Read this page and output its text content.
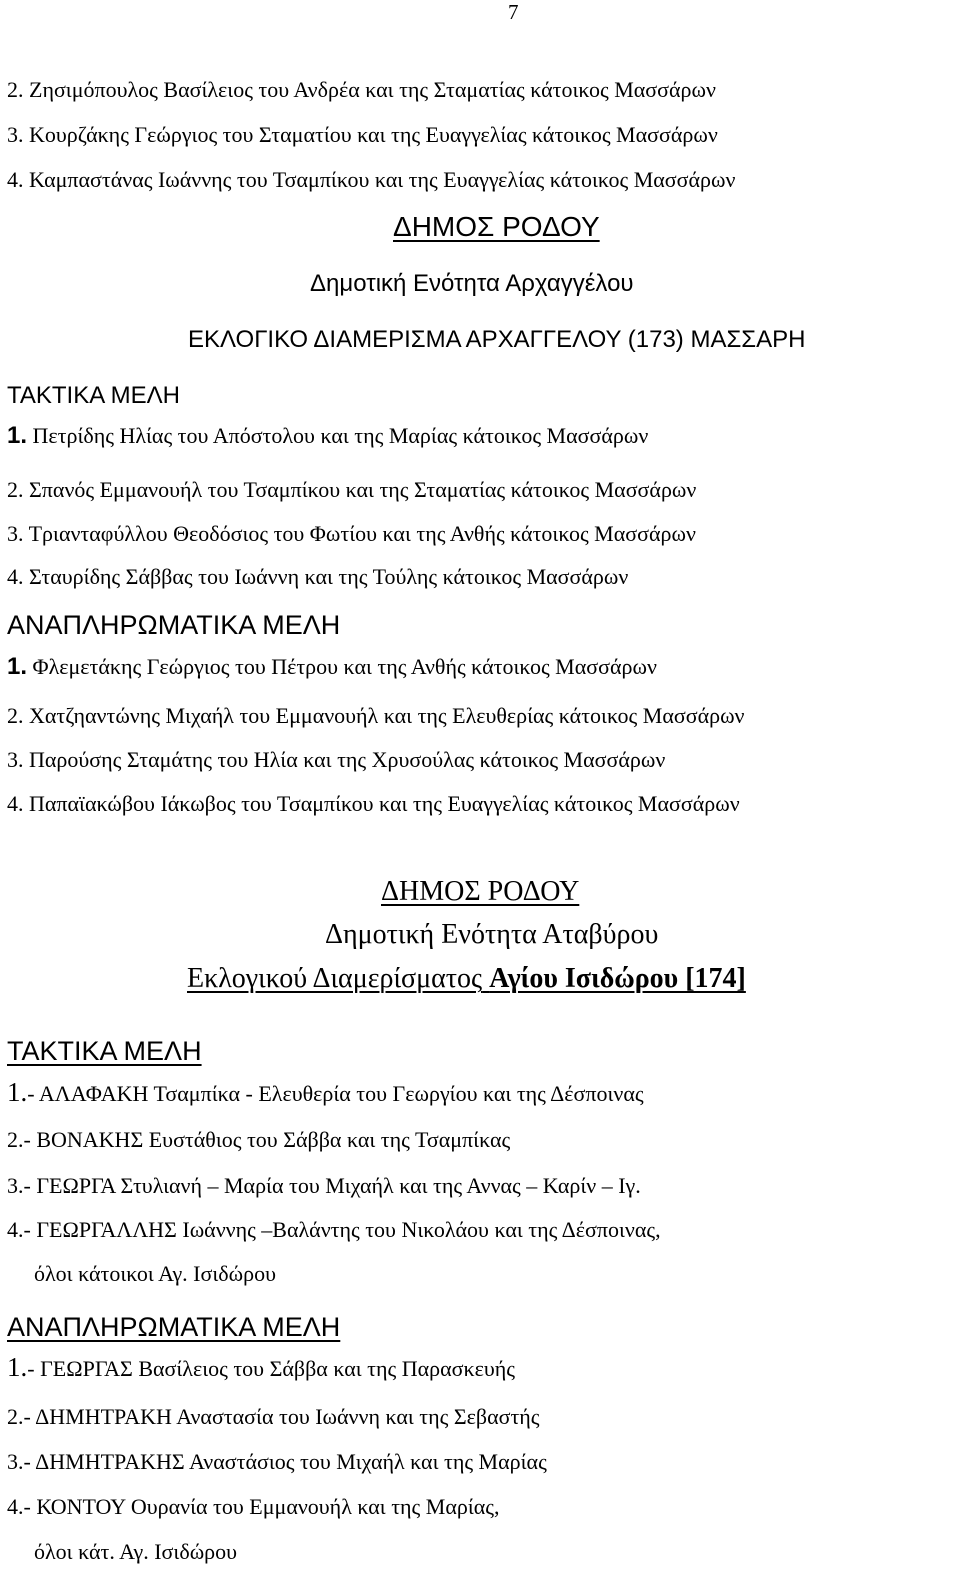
7
2. Ζησιμόπουλος Βασίλειος του Ανδρέα και της Σταματίας κάτοικος Μασσάρων
3. Κουρζάκης Γεώργιος του Σταματίου και της Ευαγγελίας κάτοικος Μασσάρων
4. Καμπαστάνας Ιωάννης του Τσαμπίκου και της Ευαγγελίας κάτοικος Μασσάρων
ΔΗΜΟΣ ΡΟΔΟΥ
Δημοτική Ενότητα Αρχαγγέλου
ΕΚΛΟΓΙΚΟ ΔΙΑΜΕΡΙΣΜΑ ΑΡΧΑΓΓΕΛΟΥ (173) ΜΑΣΣΑΡΗ
ΤΑΚΤΙΚΑ ΜΕΛΗ
1. Πετρίδης Ηλίας του Απόστολου και της Μαρίας κάτοικος Μασσάρων
2. Σπανός Εμμανουήλ του Τσαμπίκου και της Σταματίας κάτοικος Μασσάρων
3. Τριανταφύλλου Θεοδόσιος του Φωτίου και της Ανθής κάτοικος Μασσάρων
4. Σταυρίδης Σάββας του Ιωάννη και της Τούλης κάτοικος Μασσάρων
ΑΝΑΠΛΗΡΩΜΑΤΙΚΑ ΜΕΛΗ
1. Φλεμετάκης Γεώργιος του Πέτρου και της Ανθής κάτοικος Μασσάρων
2. Χατζηαντώνης Μιχαήλ του Εμμανουήλ και της Ελευθερίας κάτοικος Μασσάρων
3. Παρούσης Σταμάτης του Ηλία και της Χρυσούλας κάτοικος Μασσάρων
4. Παπαϊακώβου Ιάκωβος του Τσαμπίκου και της Ευαγγελίας κάτοικος Μασσάρων
ΔΗΜΟΣ ΡΟΔΟΥ
Δημοτική Ενότητα Αταβύρου
Εκλογικού Διαμερίσματος Αγίου Ισιδώρου [174]
ΤΑΚΤΙΚΑ ΜΕΛΗ
1.- ΑΛΑΦΑΚΗ Τσαμπίκα - Ελευθερία του Γεωργίου και της Δέσποινας
2.- ΒΟΝΑΚΗΣ Ευστάθιος του Σάββα και της Τσαμπίκας
3.- ΓΕΩΡΓΑ Στυλιανή – Μαρία του Μιχαήλ και της Αννας – Καρίν – Ιγ.
4.- ΓΕΩΡΓΑΛΛΗΣ Ιωάννης –Βαλάντης του Νικολάου και της Δέσποινας,
όλοι κάτοικοι Αγ. Ισιδώρου
ΑΝΑΠΛΗΡΩΜΑΤΙΚΑ ΜΕΛΗ
1.- ΓΕΩΡΓΑΣ Βασίλειος του Σάββα και της Παρασκευής
2.- ΔΗΜΗΤΡΑΚΗ Αναστασία του Ιωάννη και της Σεβαστής
3.- ΔΗΜΗΤΡΑΚΗΣ Αναστάσιος του Μιχαήλ και της Μαρίας
4.- ΚΟΝΤΟΥ Ουρανία του Εμμανουήλ και της Μαρίας,
όλοι κάτ. Αγ. Ισιδώρου
